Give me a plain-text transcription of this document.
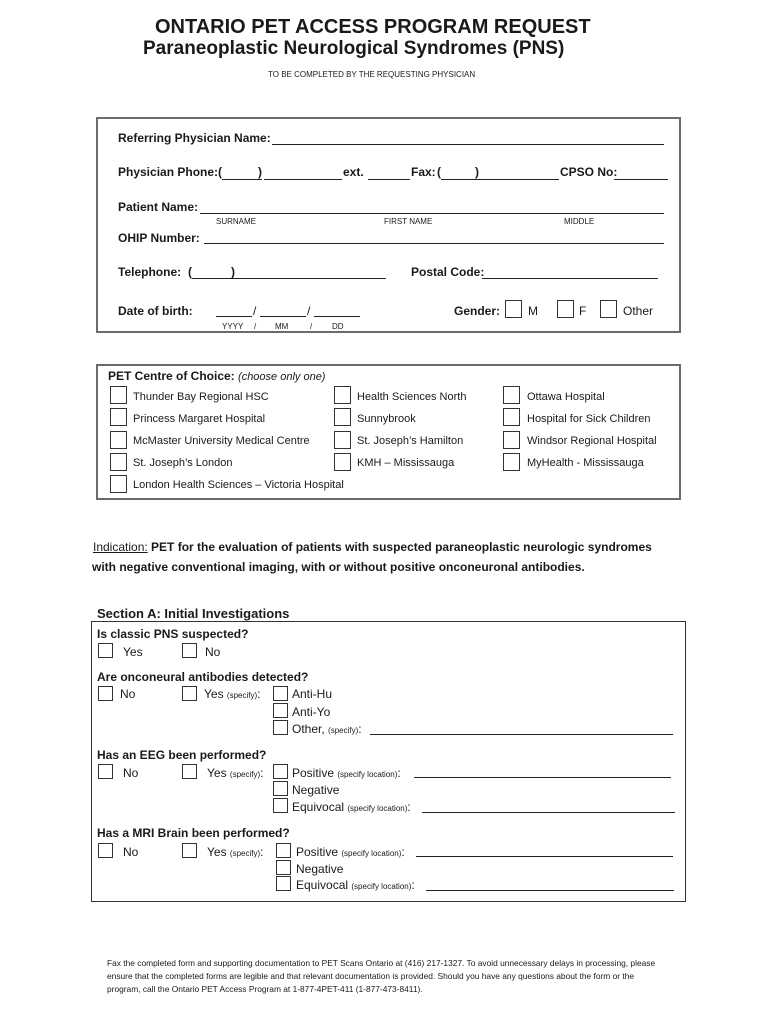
ONTARIO PET ACCESS PROGRAM REQUEST
Paraneoplastic Neurological Syndromes (PNS)
TO BE COMPLETED BY THE REQUESTING PHYSICIAN
Referring Physician Name:
Physician Phone: (	)	ext.	Fax: (	)	CPSO No:
Patient Name:
SURNAME	FIRST NAME	MIDDLE
OHIP Number:
Telephone: (	)	Postal Code:
Date of birth:	/	/
YYYY / MM	/ DD
Gender: M	F	Other
PET Centre of Choice: (choose only one)
Thunder Bay Regional HSC
Princess Margaret Hospital
McMaster University Medical Centre
St. Joseph’s London
London Health Sciences – Victoria Hospital
Health Sciences North
Sunnybrook
St. Joseph’s Hamilton
KMH – Mississauga
Ottawa Hospital
Hospital for Sick Children
Windsor Regional Hospital
MyHealth - Mississauga
Indication: PET for the evaluation of patients with suspected paraneoplastic neurologic syndromes
with negative conventional imaging, with or without positive onconeuronal antibodies.
Section A: Initial Investigations
Is classic PNS suspected?
Yes	No
Are onconeural antibodies detected?
No	Yes (specify):	Anti-Hu
Anti-Yo
Other, (specify):
Has an EEG been performed?
No	Yes (specify): Positive (specify location):
Negative
Equivocal (specify location):
Has a MRI Brain been performed?
No	Yes (specify):	Positive (specify location):
Negative
Equivocal (specify location):
Fax the completed form and supporting documentation to PET Scans Ontario at (416) 217-1327. To avoid unnecessary delays in processing, please ensure that the completed forms are legible and that relevant documentation is provided. Should you have any questions about the form or the program, call the Ontario PET Access Program at 1-877-4PET-411 (1-877-473-8411).
